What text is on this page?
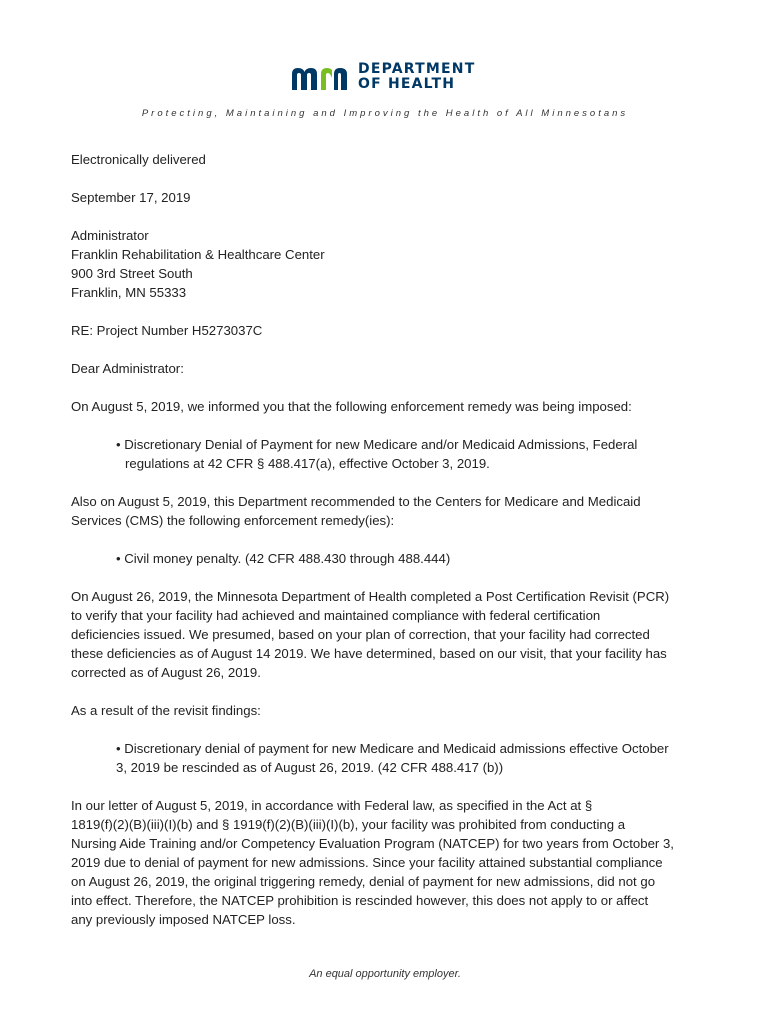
DEPARTMENT
OF HEALTH
Protecting, Maintaining and Improving the Health of All Minnesotans

Electronically delivered

September 17, 2019

Administrator

Franklin Rehabilitation & Healthcare Center

900 3rd Street South

Franklin, MN 55333

RE: Project Number H5273037C

Dear Administrator:

On August 5, 2019, we informed you that the following enforcement remedy was being imposed:

• Discretionary Denial of Payment for new Medicare and/or Medicaid Admissions, Federal

regulations at 42 CFR § 488.417(a), effective October 3, 2019.

Also on August 5, 2019, this Department recommended to the Centers for Medicare and Medicaid

Services (CMS) the following enforcement remedy(ies):

• Civil money penalty. (42 CFR 488.430 through 488.444)

On August 26, 2019, the Minnesota Department of Health completed a Post Certification Revisit (PCR)

to verify that your facility had achieved and maintained compliance with federal certification

deficiencies issued. We presumed, based on your plan of correction, that your facility had corrected

these deficiencies as of August 14 2019. We have determined, based on our visit, that your facility has

corrected as of August 26, 2019.

As a result of the revisit findings:

• Discretionary denial of payment for new Medicare and Medicaid admissions effective October

3, 2019 be rescinded as of August 26, 2019. (42 CFR 488.417 (b))

In our letter of August 5, 2019, in accordance with Federal law, as specified in the Act at §

1819(f)(2)(B)(iii)(I)(b) and § 1919(f)(2)(B)(iii)(I)(b), your facility was prohibited from conducting a

Nursing Aide Training and/or Competency Evaluation Program (NATCEP) for two years from October 3,

2019 due to denial of payment for new admissions. Since your facility attained substantial compliance

on August 26, 2019, the original triggering remedy, denial of payment for new admissions, did not go

into effect. Therefore, the NATCEP prohibition is rescinded however, this does not apply to or affect

any previously imposed NATCEP loss.

An equal opportunity employer.
